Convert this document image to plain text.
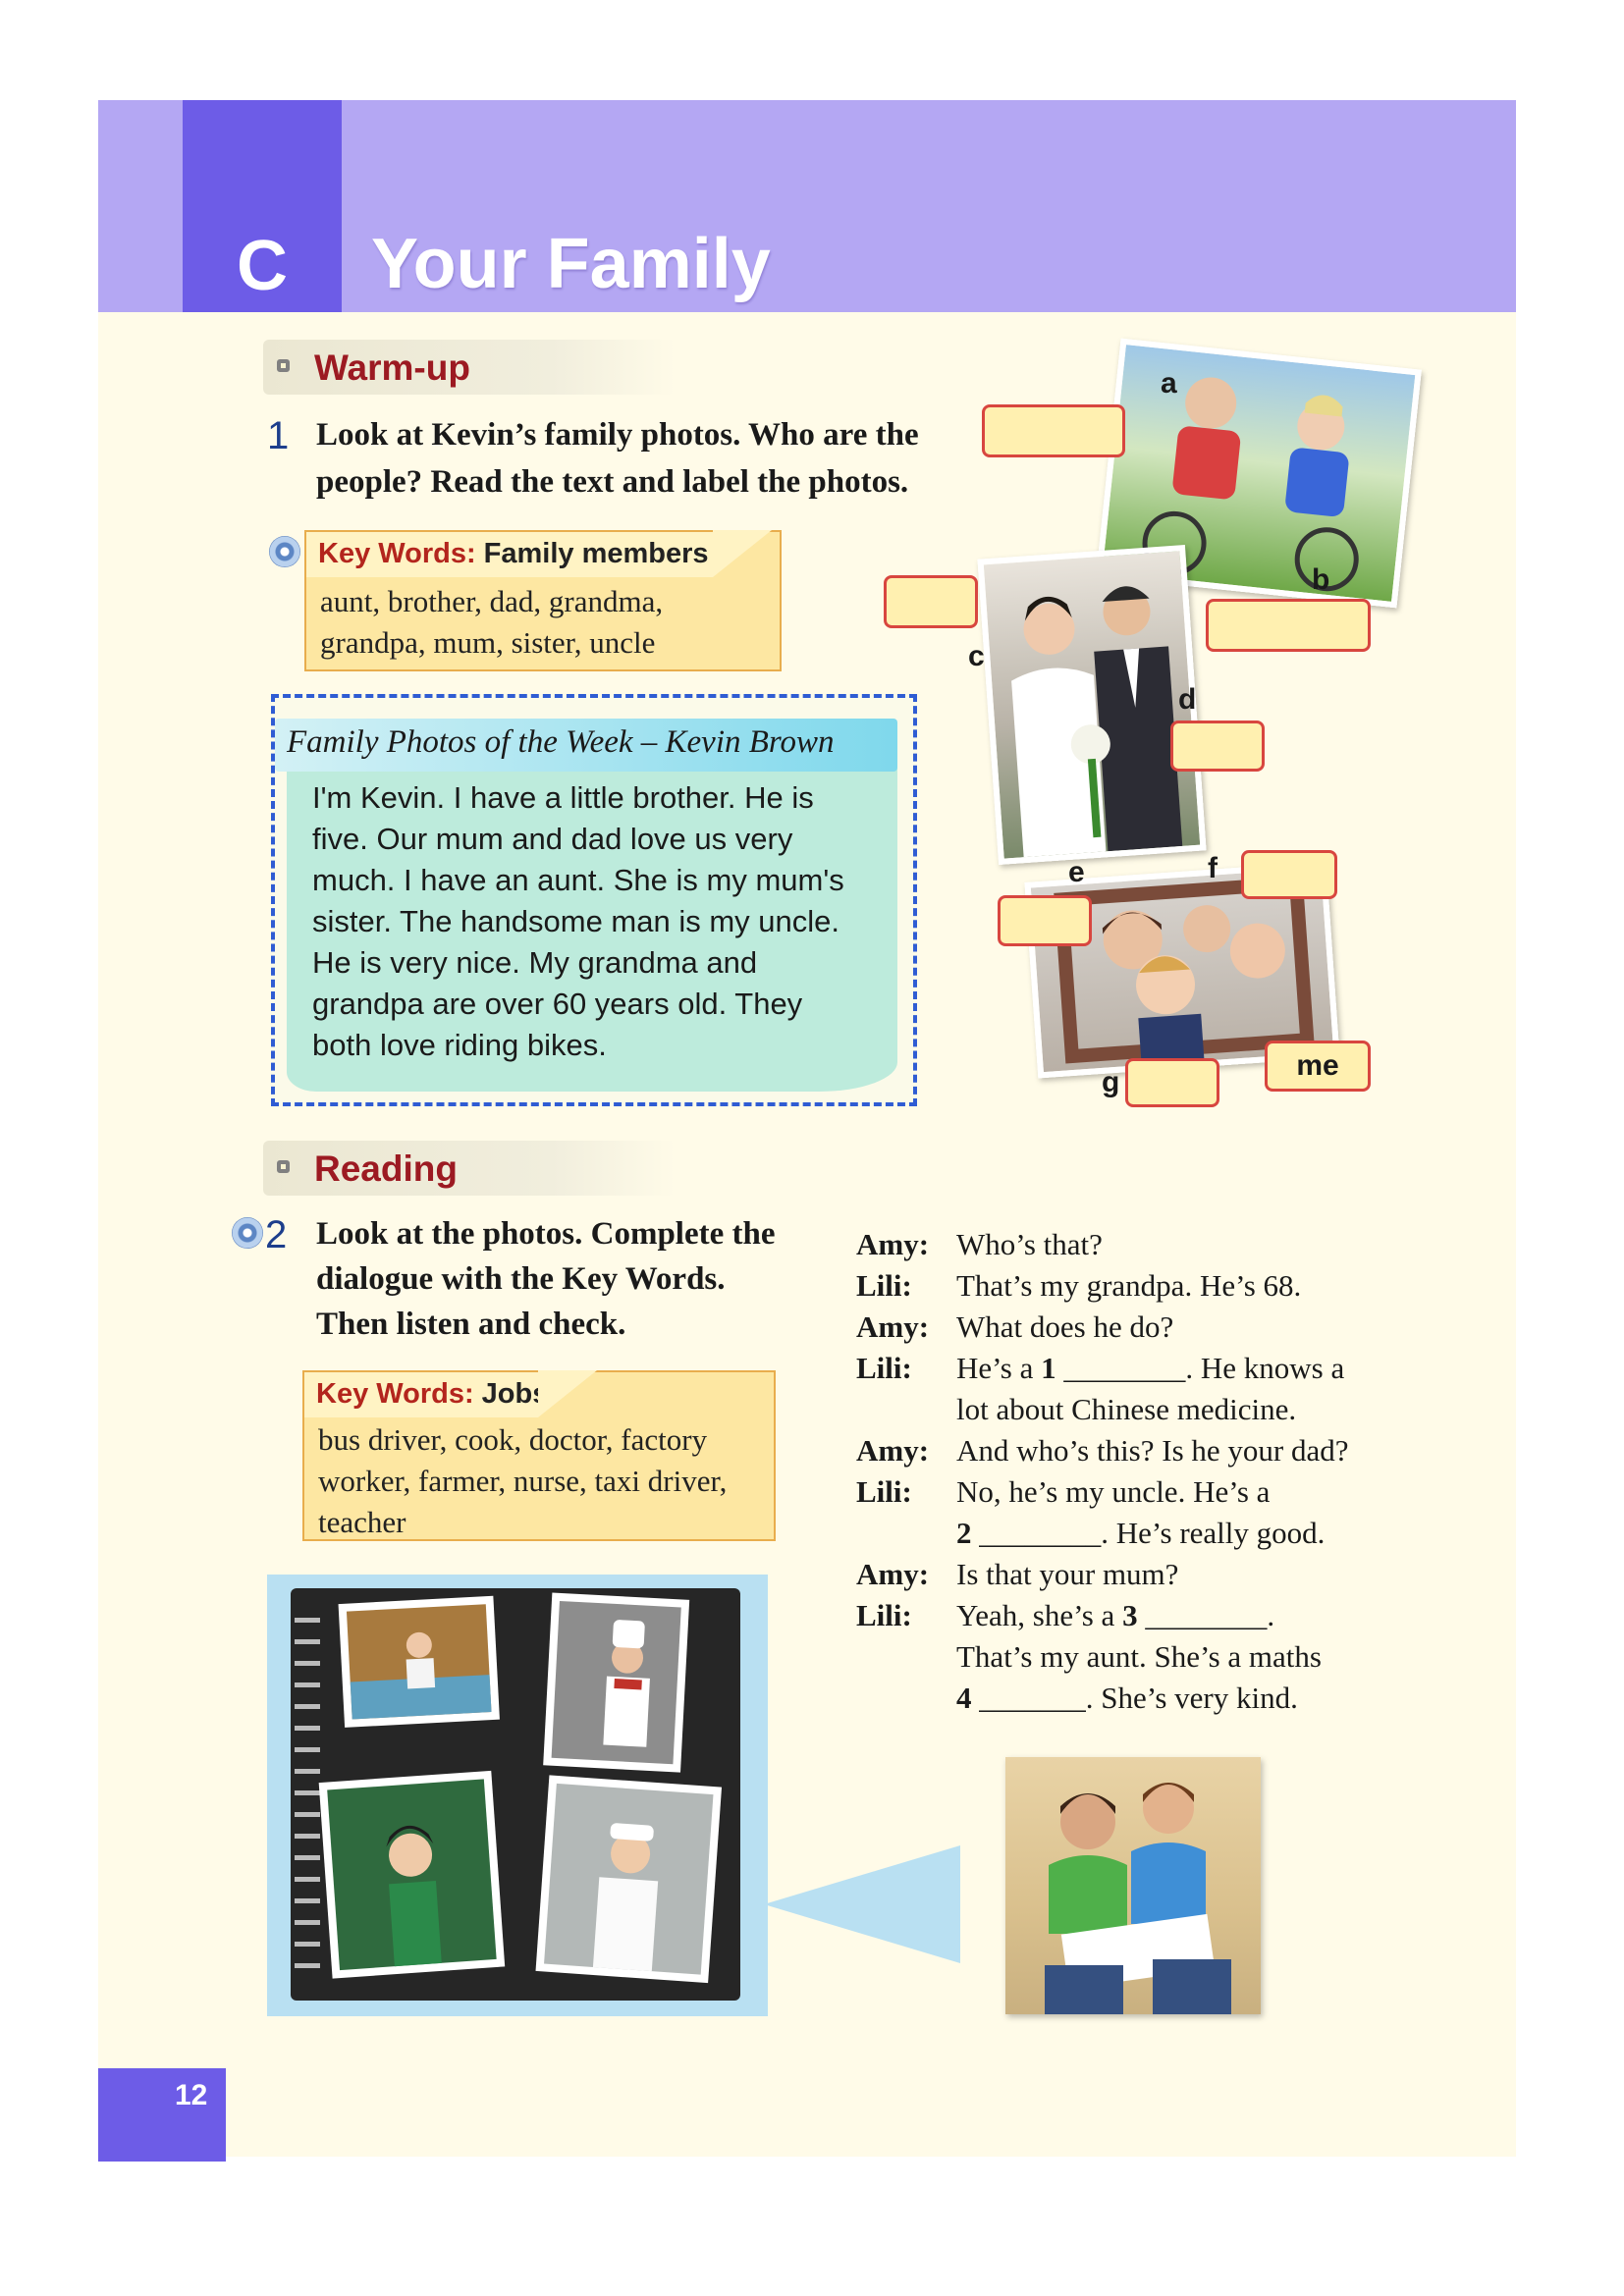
C	Your Family
Warm-up
1 Look at Kevin’s family photos. Who are the
people? Read the text and label the photos.
Key Words: Family members
aunt, brother, dad, grandma,
grandpa, mum, sister, uncle
Family Photos of the Week – Kevin Brown
I'm Kevin. I have a little brother. He is
five. Our mum and dad love us very
much. I have an aunt. She is my mum's
sister. The handsome man is my uncle.
He is very nice. My grandma and
grandpa are over 60 years old. They
both love riding bikes.
a
b
c
d
e	f
g
me
Reading
2 Look at the photos. Complete the
dialogue with the Key Words.
Then listen and check.
Key Words: Jobs
bus driver, cook, doctor, factory
worker, farmer, nurse, taxi driver,
teacher
Amy: Who’s that?
Lili: That’s my grandpa. He’s 68.
Amy: What does he do?
Lili: He’s a 1 ________. He knows a
lot about Chinese medicine.
Amy: And who’s this? Is he your dad?
Lili: No, he’s my uncle. He’s a
2 ________. He’s really good.
Amy: Is that your mum?
Lili: Yeah, she’s a 3 ________.
That’s my aunt. She’s a maths
4 _______. She’s very kind.
12
